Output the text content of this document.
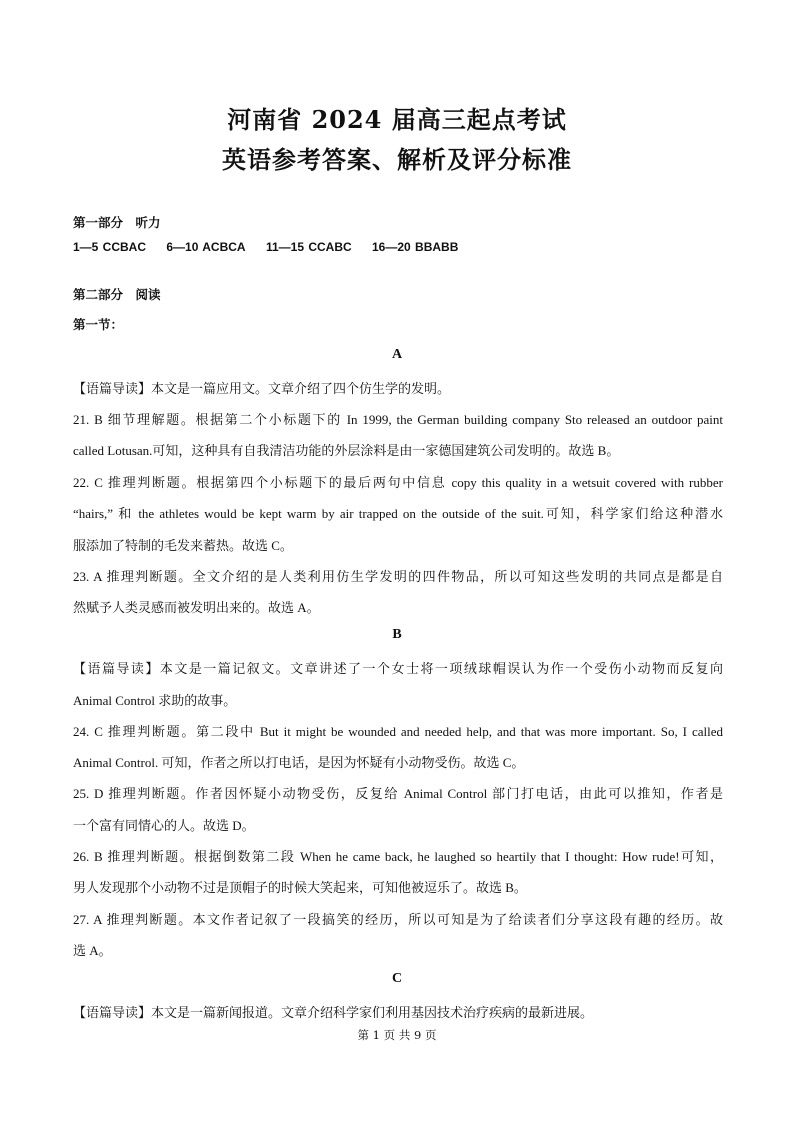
河南省 2024 届高三起点考试
英语参考答案、解析及评分标准
第一部分　听力
1—5 CCBAC 6—10 ACBCA 11—15 CCABC 16—20 BBABB
第二部分　阅读
第一节：
A
【语篇导读】本文是一篇应用文。文章介绍了四个仿生学的发明。
21. B 细节理解题。根据第二个小标题下的 In 1999, the German building company Sto released an outdoor paint
called Lotusan.可知，这种具有自我清洁功能的外层涂料是由一家德国建筑公司发明的。故选 B。
22. C 推理判断题。根据第四个小标题下的最后两句中信息 copy this quality in a wetsuit covered with rubber
“hairs,” 和 the athletes would be kept warm by air trapped on the outside of the suit.可知，科学家们给这种潜水
服添加了特制的毛发来蓄热。故选 C。
23. A 推理判断题。全文介绍的是人类利用仿生学发明的四件物品，所以可知这些发明的共同点是都是自
然赋予人类灵感而被发明出来的。故选 A。
B
【语篇导读】本文是一篇记叙文。文章讲述了一个女士将一项绒球帽误认为作一个受伤小动物而反复向
Animal Control 求助的故事。
24. C 推理判断题。第二段中 But it might be wounded and needed help, and that was more important. So, I called
Animal Control. 可知，作者之所以打电话，是因为怀疑有小动物受伤。故选 C。
25. D 推理判断题。作者因怀疑小动物受伤，反复给 Animal Control 部门打电话，由此可以推知，作者是
一个富有同情心的人。故选 D。
26. B 推理判断题。根据倒数第二段 When he came back, he laughed so heartily that I thought: How rude!可知，
男人发现那个小动物不过是顶帽子的时候大笑起来，可知他被逗乐了。故选 B。
27. A 推理判断题。本文作者记叙了一段搞笑的经历，所以可知是为了给读者们分享这段有趣的经历。故
选 A。
C
【语篇导读】本文是一篇新闻报道。文章介绍科学家们利用基因技术治疗疾病的最新进展。
第 1 页 共 9 页
